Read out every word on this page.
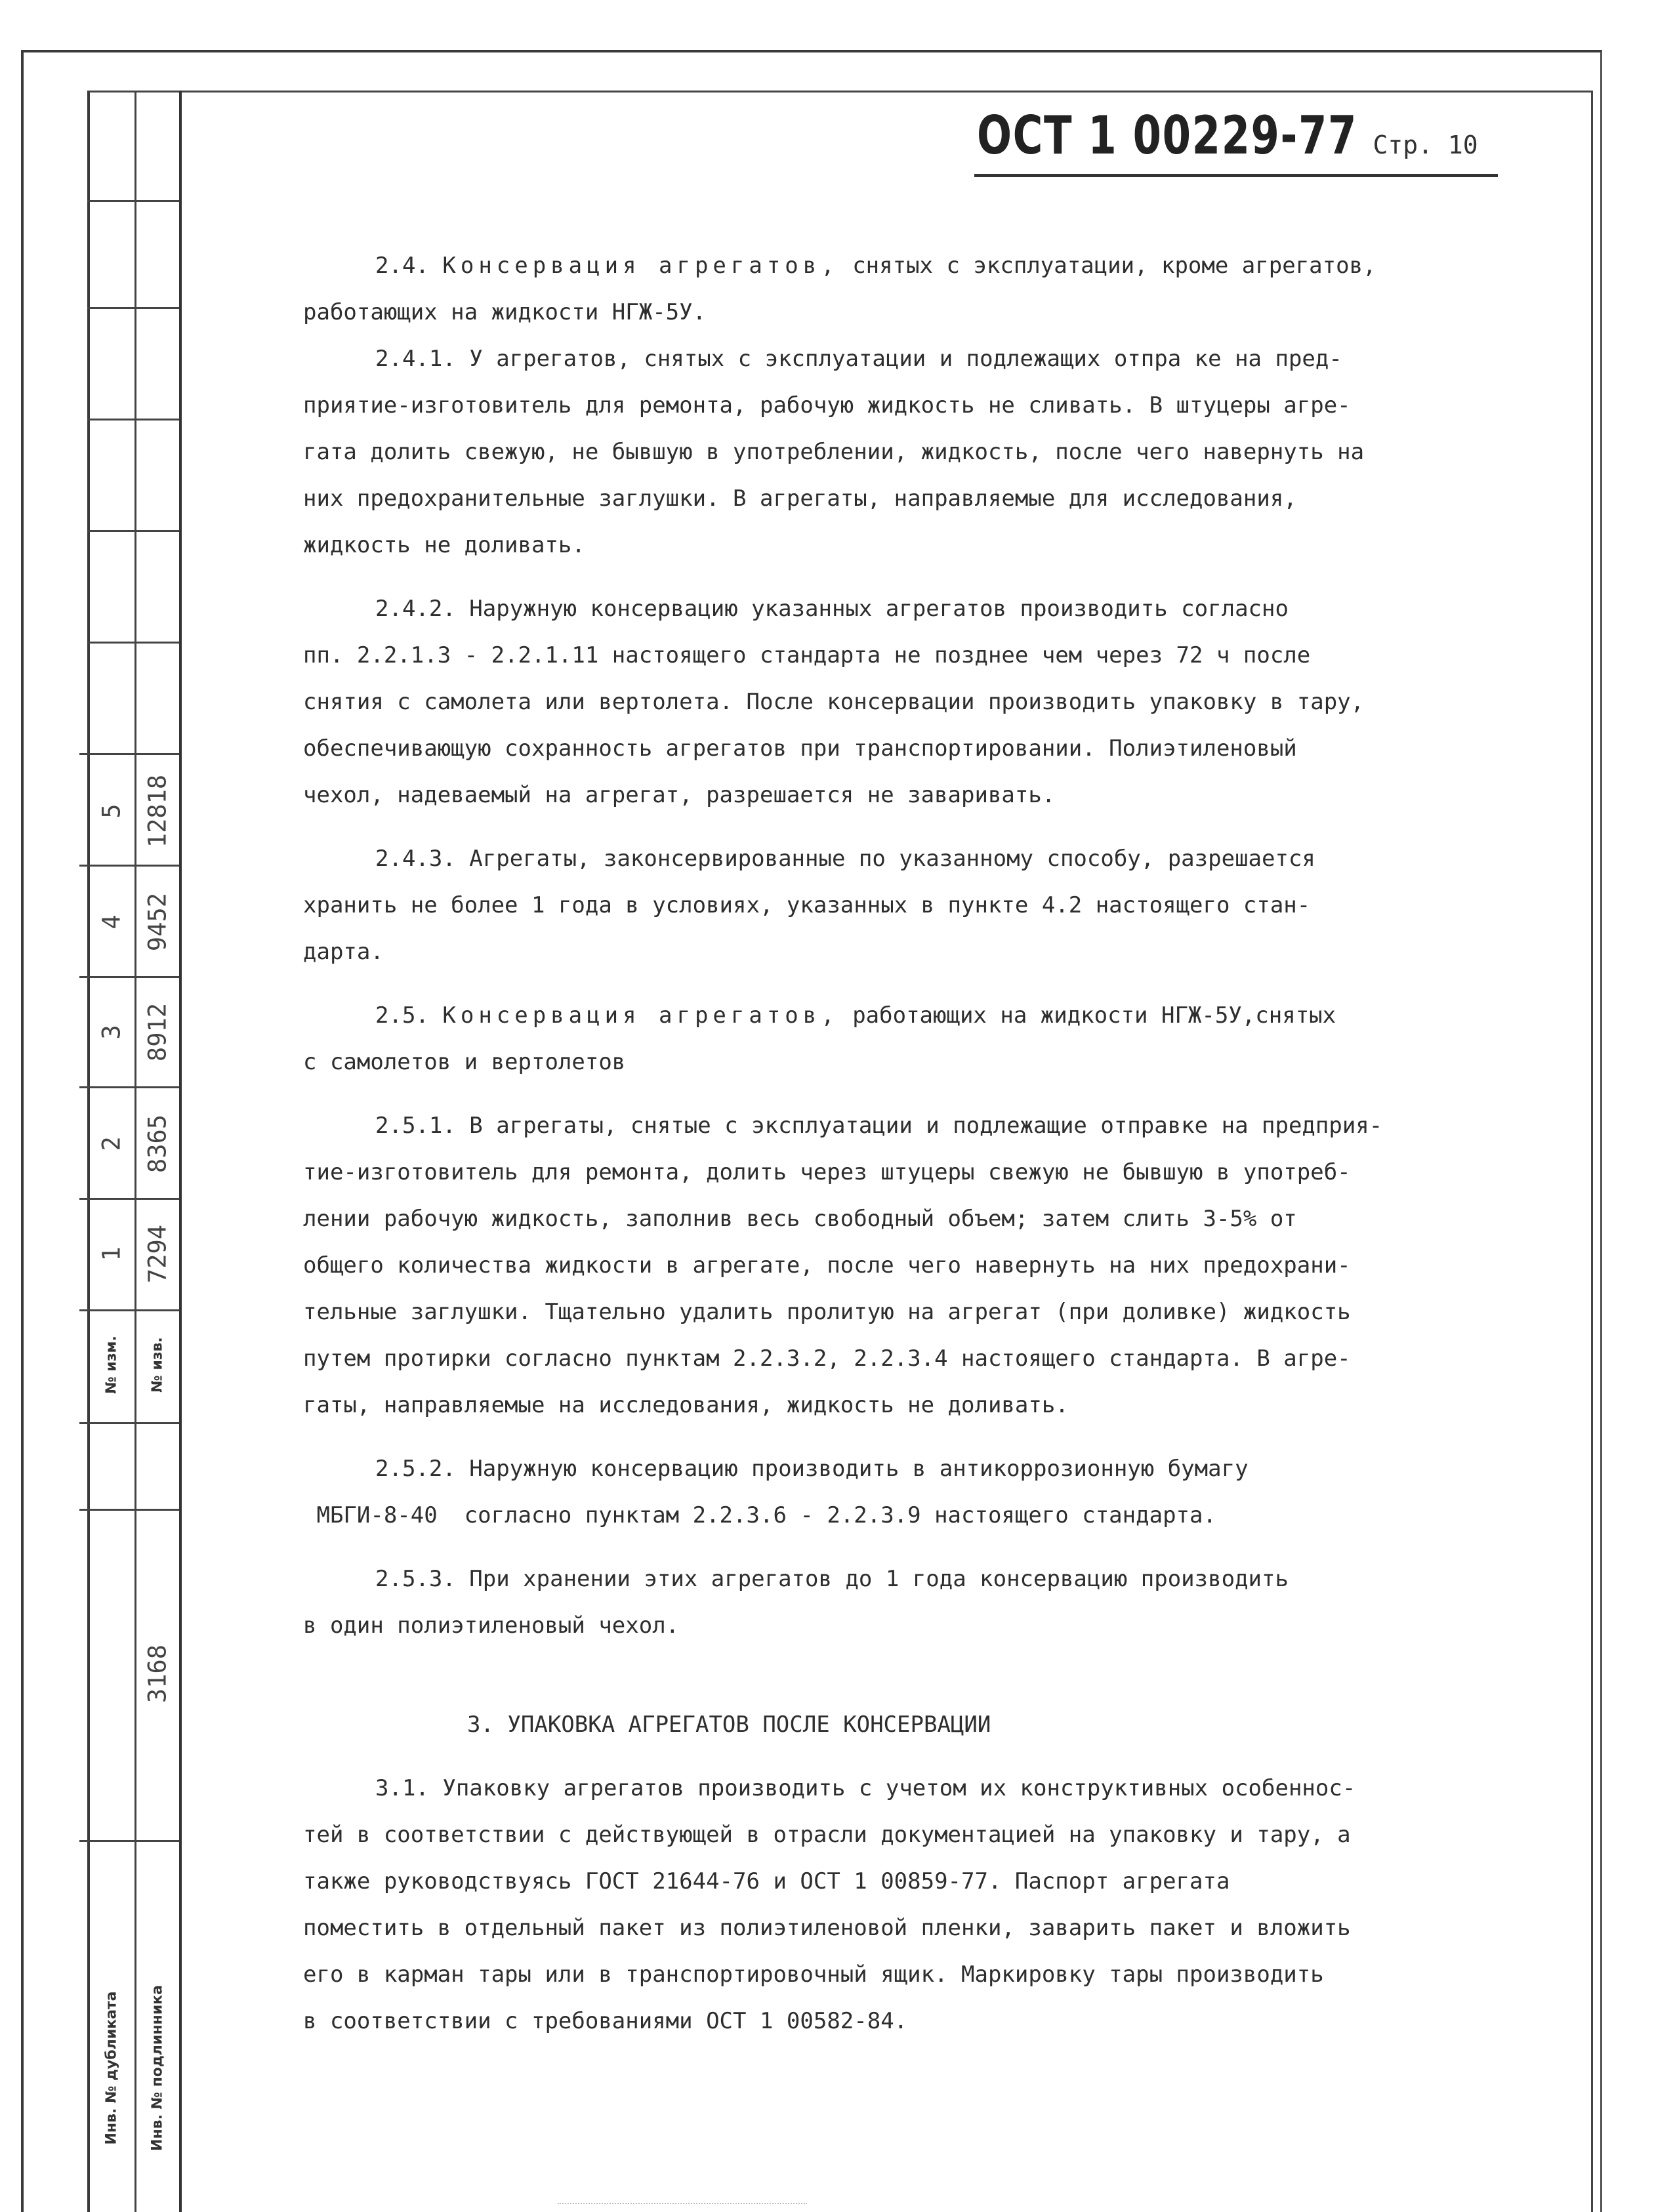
5 12818
4 9452
3 8912
2 8365
1 7294
№ изм. № изв.
3168
Инв. № дубликата Инв. № подлинника
ОСТ 1 00229-77 Стр. 10
2.4. Консервация агрегатов, снятых с эксплуатации, кроме агрегатов,
работающих на жидкости НГЖ-5У.
2.4.1. У агрегатов, снятых с эксплуатации и подлежащих отпра ке на пред-
приятие-изготовитель для ремонта, рабочую жидкость не сливать. В штуцеры агре-
гата долить свежую, не бывшую в употреблении, жидкость, после чего навернуть на
них предохранительные заглушки. В агрегаты, направляемые для исследования,
жидкость не доливать.
2.4.2. Наружную консервацию указанных агрегатов производить согласно
пп. 2.2.1.3 - 2.2.1.11 настоящего стандарта не позднее чем через 72 ч после
снятия с самолета или вертолета. После консервации производить упаковку в тару,
обеспечивающую сохранность агрегатов при транспортировании. Полиэтиленовый
чехол, надеваемый на агрегат, разрешается не заваривать.
2.4.3. Агрегаты, законсервированные по указанному способу, разрешается
хранить не более 1 года в условиях, указанных в пункте 4.2 настоящего стан-
дарта.
2.5. Консервация агрегатов, работающих на жидкости НГЖ-5У,снятых
с самолетов и вертолетов
2.5.1. В агрегаты, снятые с эксплуатации и подлежащие отправке на предприя-
тие-изготовитель для ремонта, долить через штуцеры свежую не бывшую в употреб-
лении рабочую жидкость, заполнив весь свободный объем; затем слить 3-5% от
общего количества жидкости в агрегате, после чего навернуть на них предохрани-
тельные заглушки. Тщательно удалить пролитую на агрегат (при доливке) жидкость
путем протирки согласно пунктам 2.2.3.2, 2.2.3.4 настоящего стандарта. В агре-
гаты, направляемые на исследования, жидкость не доливать.
2.5.2. Наружную консервацию производить в антикоррозионную бумагу
МБГИ-8-40  согласно пунктам 2.2.3.6 - 2.2.3.9 настоящего стандарта.
2.5.3. При хранении этих агрегатов до 1 года консервацию производить
в один полиэтиленовый чехол.
3. УПАКОВКА АГРЕГАТОВ ПОСЛЕ КОНСЕРВАЦИИ
3.1. Упаковку агрегатов производить с учетом их конструктивных особеннос-
тей в соответствии с действующей в отрасли документацией на упаковку и тару, а
также руководствуясь ГОСТ 21644-76 и ОСТ 1 00859-77. Паспорт агрегата
поместить в отдельный пакет из полиэтиленовой пленки, заварить пакет и вложить
его в карман тары или в транспортировочный ящик. Маркировку тары производить
в соответствии с требованиями ОСТ 1 00582-84.
